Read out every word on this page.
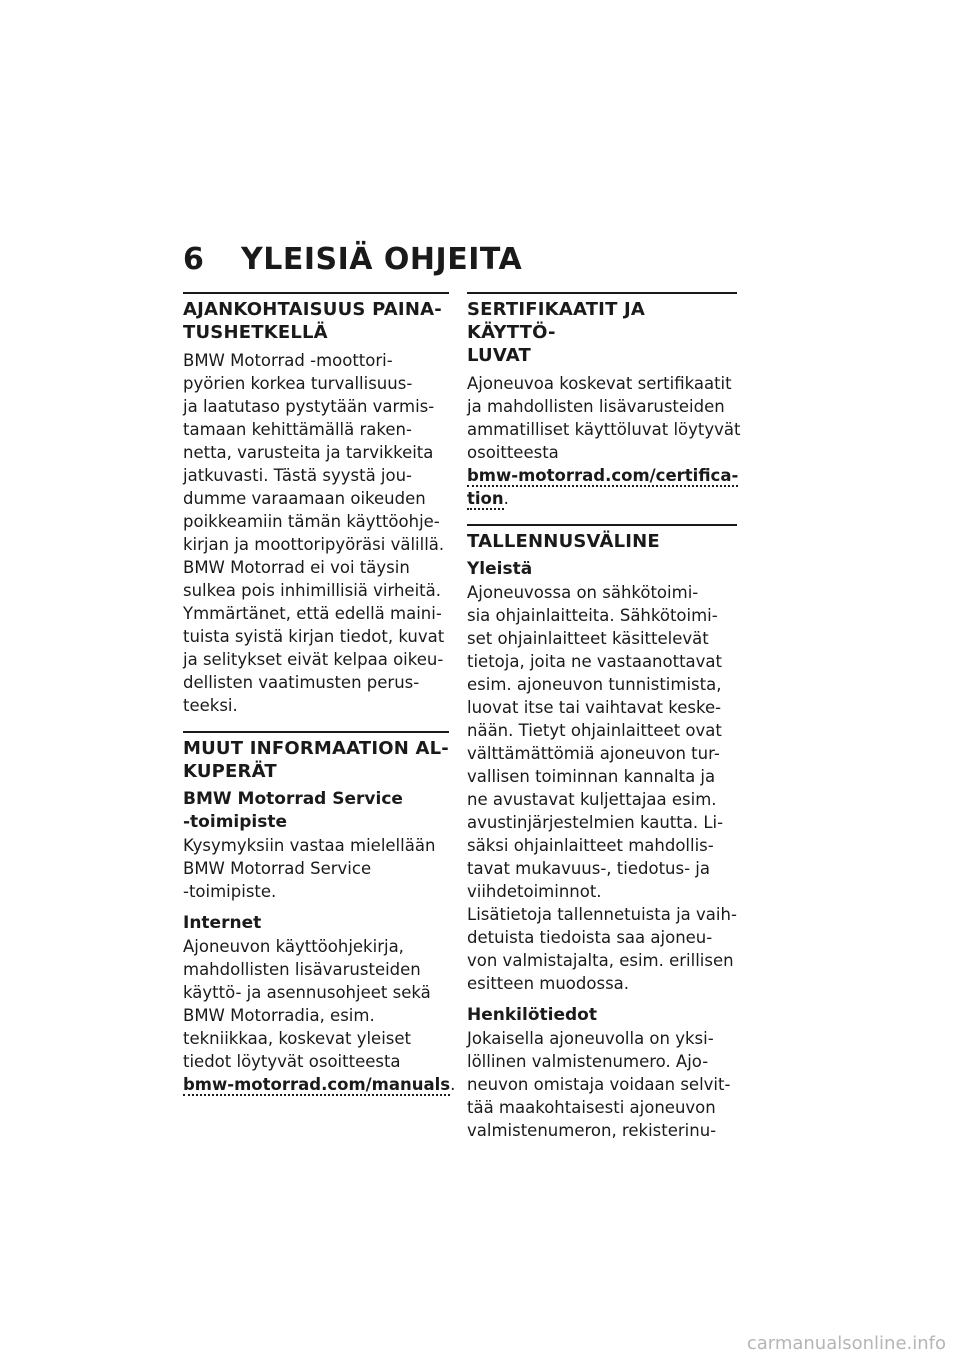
6 YLEISIÄ OHJEITA
AJANKOHTAISUUS PAINA-
TUSHETKELLÄ
BMW Motorrad -moottori-
pyörien korkea turvallisuus-
ja laatutaso pystytään varmis-
tamaan kehittämällä raken-
netta, varusteita ja tarvikkeita
jatkuvasti. Tästä syystä jou-
dumme varaamaan oikeuden
poikkeamiin tämän käyttöohje-
kirjan ja moottoripyöräsi välillä.
BMW Motorrad ei voi täysin
sulkea pois inhimillisiä virheitä.
Ymmärtänet, että edellä maini-
tuista syistä kirjan tiedot, kuvat
ja selitykset eivät kelpaa oikeu-
dellisten vaatimusten perus-
teeksi.
MUUT INFORMAATION AL-
KUPERÄT
BMW Motorrad Service
-toimipiste
Kysymyksiin vastaa mielellään
BMW Motorrad Service
-toimipiste.
Internet
Ajoneuvon käyttöohjekirja,
mahdollisten lisävarusteiden
käyttö- ja asennusohjeet sekä
BMW Motorradia, esim.
tekniikkaa, koskevat yleiset
tiedot löytyvät osoitteesta
bmw-motorrad.com/manuals.
SERTIFIKAATIT JA KÄYTTÖ-
LUVAT
Ajoneuvoa koskevat sertifikaatit
ja mahdollisten lisävarusteiden
ammatilliset käyttöluvat löytyvät
osoitteesta
bmw-motorrad.com/certifica-
tion.
TALLENNUSVÄLINE
Yleistä
Ajoneuvossa on sähkötoimi-
sia ohjainlaitteita. Sähkötoimi-
set ohjainlaitteet käsittelevät
tietoja, joita ne vastaanottavat
esim. ajoneuvon tunnistimista,
luovat itse tai vaihtavat keske-
nään. Tietyt ohjainlaitteet ovat
välttämättömiä ajoneuvon tur-
vallisen toiminnan kannalta ja
ne avustavat kuljettajaa esim.
avustinjärjestelmien kautta. Li-
säksi ohjainlaitteet mahdollis-
tavat mukavuus-, tiedotus- ja
viihdetoiminnot.
Lisätietoja tallennetuista ja vaih-
detuista tiedoista saa ajoneu-
von valmistajalta, esim. erillisen
esitteen muodossa.
Henkilötiedot
Jokaisella ajoneuvolla on yksi-
löllinen valmistenumero. Ajo-
neuvon omistaja voidaan selvit-
tää maakohtaisesti ajoneuvon
valmistenumeron, rekisterinu-
carmanualsonline.info
